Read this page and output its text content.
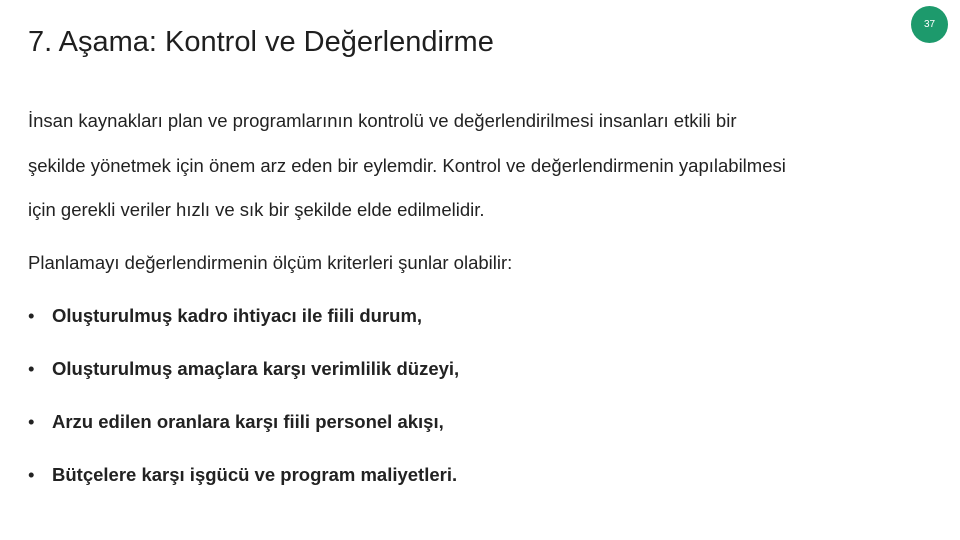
7. Aşama: Kontrol ve Değerlendirme
37

İnsan kaynakları plan ve programlarının kontrolü ve değerlendirilmesi insanları etkili bir

şekilde yönetmek için önem arz eden bir eylemdir. Kontrol ve değerlendirmenin yapılabilmesi

için gerekli veriler hızlı ve sık bir şekilde elde edilmelidir.

Planlamayı değerlendirmenin ölçüm kriterleri şunlar olabilir:

• Oluşturulmuş kadro ihtiyacı ile fiili durum,
• Oluşturulmuş amaçlara karşı verimlilik düzeyi,
• Arzu edilen oranlara karşı fiili personel akışı,
• Bütçelere karşı işgücü ve program maliyetleri.
